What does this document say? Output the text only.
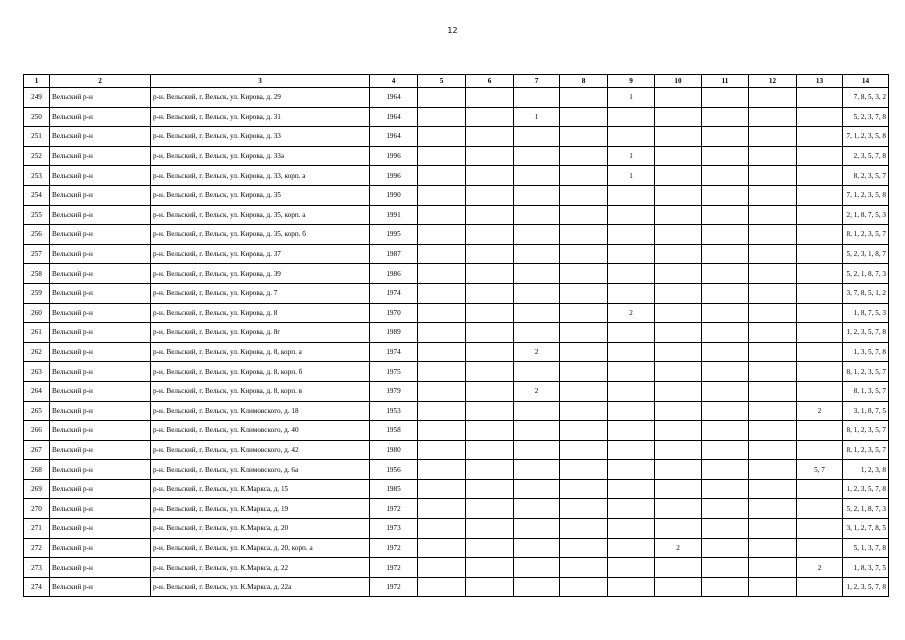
12
1	2	3	4	5	6	7	8	9	10	11	12	13	14
249	Вельский р-н	р-н. Вельский, г. Вельск, ул. Кирова, д. 29	1964					1					7, 8, 5, 3, 2
250	Вельский р-н	р-н. Вельский, г. Вельск, ул. Кирова, д. 31	1964			1							5, 2, 3, 7, 8
251	Вельский р-н	р-н. Вельский, г. Вельск, ул. Кирова, д. 33	1964										7, 1, 2, 3, 5, 8
252	Вельский р-н	р-н. Вельский, г. Вельск, ул. Кирова, д. 33а	1996					1					2, 3, 5, 7, 8
253	Вельский р-н	р-н. Вельский, г. Вельск, ул. Кирова, д. 33, корп. а	1996					1					8, 2, 3, 5, 7
254	Вельский р-н	р-н. Вельский, г. Вельск, ул. Кирова, д. 35	1990										7, 1, 2, 3, 5, 8
255	Вельский р-н	р-н. Вельский, г. Вельск, ул. Кирова, д. 35, корп. а	1991										2, 1, 8, 7, 5, 3
256	Вельский р-н	р-н. Вельский, г. Вельск, ул. Кирова, д. 35, корп. б	1995										8, 1, 2, 3, 5, 7
257	Вельский р-н	р-н. Вельский, г. Вельск, ул. Кирова, д. 37	1987										5, 2, 3, 1, 8, 7
258	Вельский р-н	р-н. Вельский, г. Вельск, ул. Кирова, д. 39	1986										5, 2, 1, 8, 7, 3
259	Вельский р-н	р-н. Вельский, г. Вельск, ул. Кирова, д. 7	1974										3, 7, 8, 5, 1, 2
260	Вельский р-н	р-н. Вельский, г. Вельск, ул. Кирова, д. 8	1970					2					1, 8, 7, 5, 3
261	Вельский р-н	р-н. Вельский, г. Вельск, ул. Кирова, д. 8г	1989										1, 2, 3, 5, 7, 8
262	Вельский р-н	р-н. Вельский, г. Вельск, ул. Кирова, д. 8, корп. а	1974			2							1, 3, 5, 7, 8
263	Вельский р-н	р-н. Вельский, г. Вельск, ул. Кирова, д. 8, корп. б	1975										8, 1, 2, 3, 5, 7
264	Вельский р-н	р-н. Вельский, г. Вельск, ул. Кирова, д. 8, корп. в	1979			2							8, 1, 3, 5, 7
265	Вельский р-н	р-н. Вельский, г. Вельск, ул. Климовского, д. 18	1953									2	3, 1, 8, 7, 5
266	Вельский р-н	р-н. Вельский, г. Вельск, ул. Климовского, д. 40	1958										8, 1, 2, 3, 5, 7
267	Вельский р-н	р-н. Вельский, г. Вельск, ул. Климовского, д. 42	1980										8, 1, 2, 3, 5, 7
268	Вельский р-н	р-н. Вельский, г. Вельск, ул. Климовского, д. 6а	1956									5, 7	1, 2, 3, 8
269	Вельский р-н	р-н. Вельский, г. Вельск, ул. К.Маркса, д. 15	1985										1, 2, 3, 5, 7, 8
270	Вельский р-н	р-н. Вельский, г. Вельск, ул. К.Маркса, д. 19	1972										5, 2, 1, 8, 7, 3
271	Вельский р-н	р-н. Вельский, г. Вельск, ул. К.Маркса, д. 20	1973										3, 1, 2, 7, 8, 5
272	Вельский р-н	р-н. Вельский, г. Вельск, ул. К.Маркса, д. 20, корп. а	1972						2				5, 1, 3, 7, 8
273	Вельский р-н	р-н. Вельский, г. Вельск, ул. К.Маркса, д. 22	1972									2	1, 8, 3, 7, 5
274	Вельский р-н	р-н. Вельский, г. Вельск, ул. К.Маркса, д. 22а	1972										1, 2, 3, 5, 7, 8
